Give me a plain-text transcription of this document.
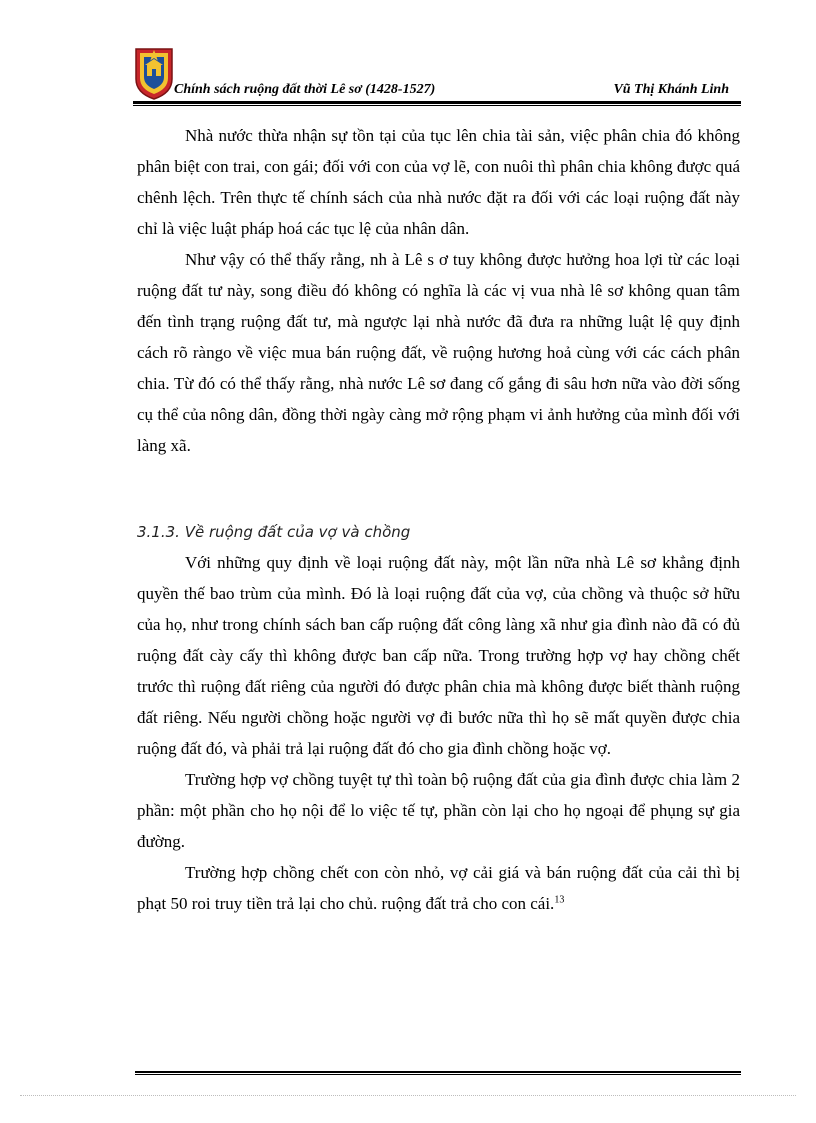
Chính sách ruộng đất thời Lê sơ (1428-1527)	Vũ Thị Khánh Linh

Nhà nước thừa nhận sự tồn tại của tục lên chia tài sản, việc phân chia đó không phân biệt con trai, con gái; đối với con của vợ lẽ, con nuôi thì phân chia không được quá chênh lệch. Trên thực tế chính sách của nhà nước đặt ra đối với các loại ruộng đất này chỉ là việc luật pháp hoá các tục lệ của nhân dân.

Như vậy có thể thấy rằng, nh à Lê s ơ tuy không được hưởng hoa lợi từ các loại ruộng đất tư này, song điều đó không có nghĩa là các vị vua nhà lê sơ không quan tâm đến tình trạng ruộng đất tư, mà ngược lại nhà nước đã đưa ra những luật lệ quy định cách rõ ràngo về việc mua bán ruộng đất, về ruộng hương hoả cùng với các cách phân chia. Từ đó có thể thấy rằng, nhà nước Lê sơ đang cố gắng đi sâu hơn nữa vào đời sống cụ thể của nông dân, đồng thời ngày càng mở rộng phạm vi ảnh hưởng của mình đối với làng xã.

3.1.3. Về ruộng đất của vợ và chồng

Với những quy định về loại ruộng đất này, một lần nữa nhà Lê sơ khẳng định quyền thế bao trùm của mình. Đó là loại ruộng đất của vợ, của chồng và thuộc sở hữu của họ, như trong chính sách ban cấp ruộng đất công làng xã như gia đình nào đã có đủ ruộng đất cày cấy thì không được ban cấp nữa. Trong trường hợp vợ hay chồng chết trước thì ruộng đất riêng của người đó được phân chia mà không được biết thành ruộng đất riêng. Nếu người chồng hoặc người vợ đi bước nữa thì họ sẽ mất quyền được chia ruộng đất đó, và phải trả lại ruộng đất đó cho gia đình chồng hoặc vợ.

Trường hợp vợ chồng tuyệt tự thì toàn bộ ruộng đất của gia đình được chia làm 2 phần: một phần cho họ nội để lo việc tế tự, phần còn lại cho họ ngoại để phụng sự gia đường.

Trường hợp chồng chết con còn nhỏ, vợ cải giá và bán ruộng đất của cải thì bị phạt 50 roi truy tiền trả lại cho chủ. ruộng đất trả cho con cái.$^{13}$
